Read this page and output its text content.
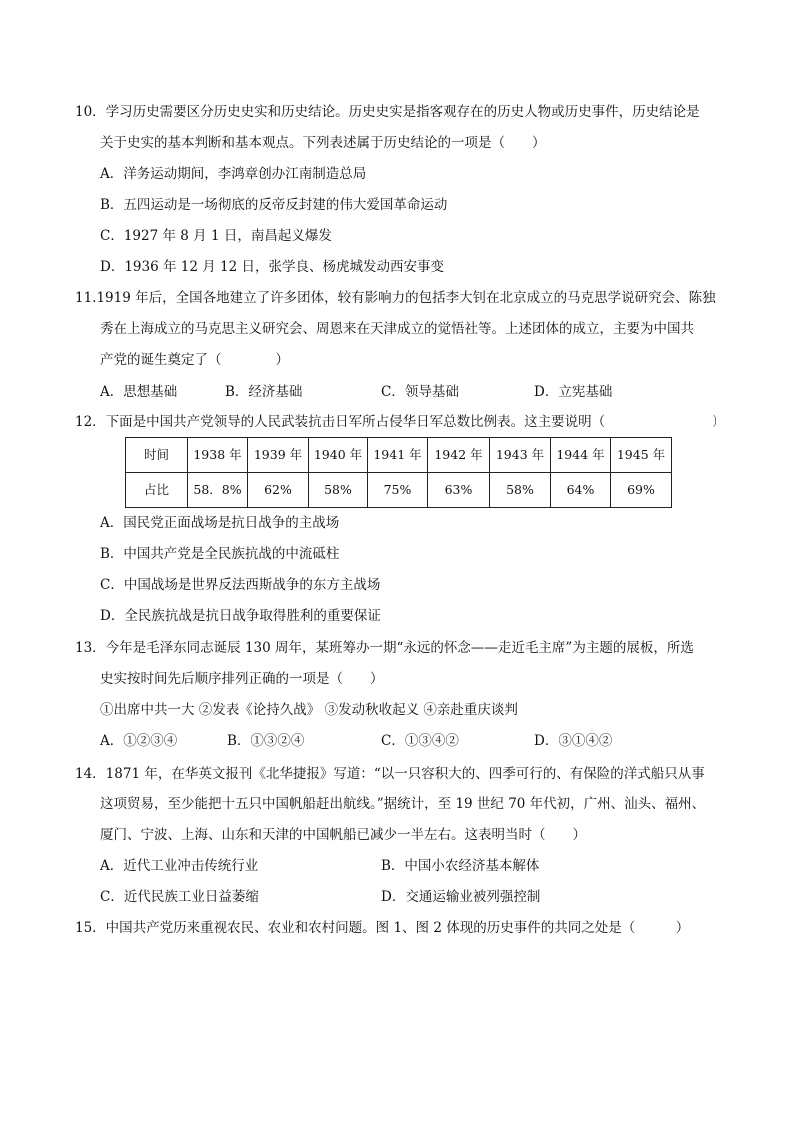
10．学习历史需要区分历史史实和历史结论。历史史实是指客观存在的历史人物或历史事件，历史结论是
关于史实的基本判断和基本观点。下列表述属于历史结论的一项是（　　）
A．洋务运动期间，李鸿章创办江南制造总局
B．五四运动是一场彻底的反帝反封建的伟大爱国革命运动
C．1927 年 8 月 1 日，南昌起义爆发
D．1936 年 12 月 12 日，张学良、杨虎城发动西安事变
11.1919 年后，全国各地建立了许多团体，较有影响力的包括李大钊在北京成立的马克思学说研究会、陈独
秀在上海成立的马克思主义研究会、周恩来在天津成立的觉悟社等。上述团体的成立，主要为中国共
产党的诞生奠定了（　　　　）
A．思想基础	B．经济基础	C．领导基础	D．立宪基础
12．下面是中国共产党领导的人民武装抗击日军所占侵华日军总数比例表。这主要说明（	）
时间	1938 年	1939 年	1940 年	1941 年	1942 年	1943 年	1944 年	1945 年
占比	58．8%	62%	58%	75%	63%	58%	64%	69%
A．国民党正面战场是抗日战争的主战场
B．中国共产党是全民族抗战的中流砥柱
C．中国战场是世界反法西斯战争的东方主战场
D．全民族抗战是抗日战争取得胜利的重要保证
13．今年是毛泽东同志诞辰 130 周年，某班筹办一期“永远的怀念——走近毛主席”为主题的展板，所选
史实按时间先后顺序排列正确的一项是（　　）
①出席中共一大 ②发表《论持久战》 ③发动秋收起义 ④亲赴重庆谈判
A．①②③④	B．①③②④	C．①③④②	D．③①④②
14．1871 年，在华英文报刊《北华捷报》写道：“以一只容积大的、四季可行的、有保险的洋式船只从事
这项贸易，至少能把十五只中国帆船赶出航线。”据统计，至 19 世纪 70 年代初，广州、汕头、福州、
厦门、宁波、上海、山东和天津的中国帆船已减少一半左右。这表明当时（　　）
A．近代工业冲击传统行业	B．中国小农经济基本解体
C．近代民族工业日益萎缩	D．交通运输业被列强控制
15．中国共产党历来重视农民、农业和农村问题。图 1、图 2 体现的历史事件的共同之处是（　　　）
